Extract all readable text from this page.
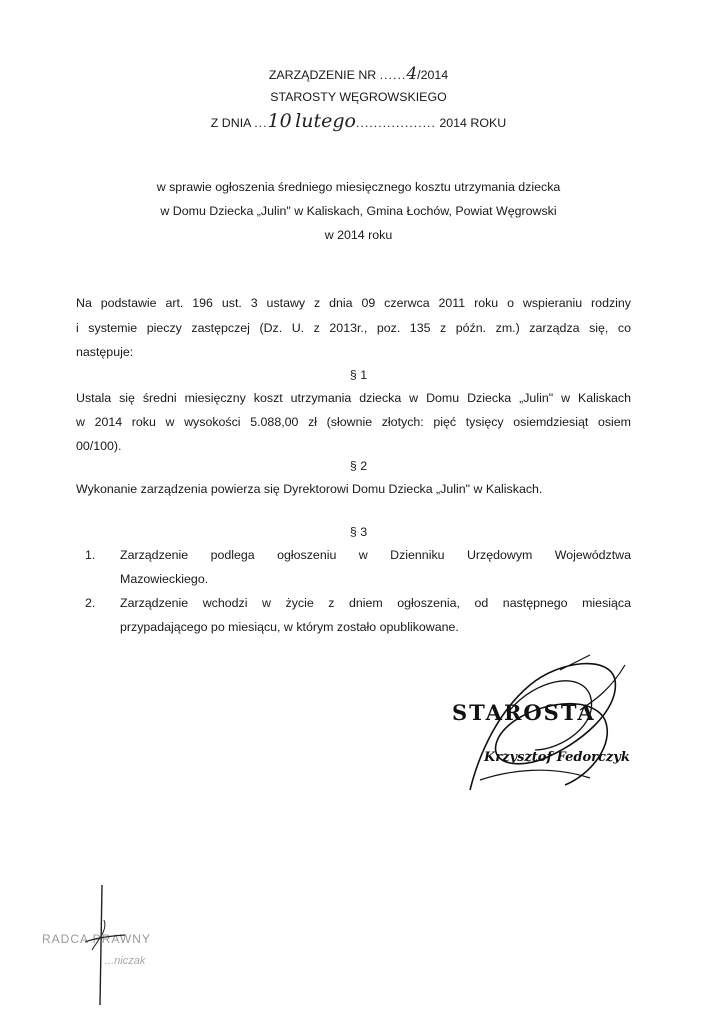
ZARZĄDZENIE NR ......4/2014
STAROSTY WĘGROWSKIEGO
Z DNIA ...10 lutego.................. 2014 ROKU
w sprawie ogłoszenia średniego miesięcznego kosztu utrzymania dziecka
w Domu Dziecka „Julin" w Kaliskach, Gmina Łochów, Powiat Węgrowski
w 2014 roku
Na podstawie art. 196 ust. 3 ustawy z dnia 09 czerwca 2011 roku o wspieraniu rodziny
i systemie pieczy zastępczej (Dz. U. z 2013r., poz. 135 z późn. zm.) zarządza się, co
następuje:
§ 1
Ustala się średni miesięczny koszt utrzymania dziecka w Domu Dziecka „Julin" w Kaliskach
w 2014 roku w wysokości 5.088,00 zł (słownie złotych: pięć tysięcy osiemdziesiąt osiem
00/100).
§ 2
Wykonanie zarządzenia powierza się Dyrektorowi Domu Dziecka „Julin" w Kaliskach.
§ 3
1. Zarządzenie podlega ogłoszeniu w Dzienniku Urzędowym Województwa
Mazowieckiego.
2. Zarządzenie wchodzi w życie z dniem ogłoszenia, od następnego miesiąca
przypadającego po miesiącu, w którym zostało opublikowane.
STAROSTA
Krzysztof Fedorczyk
RADCA PRAWNY
...niczak
